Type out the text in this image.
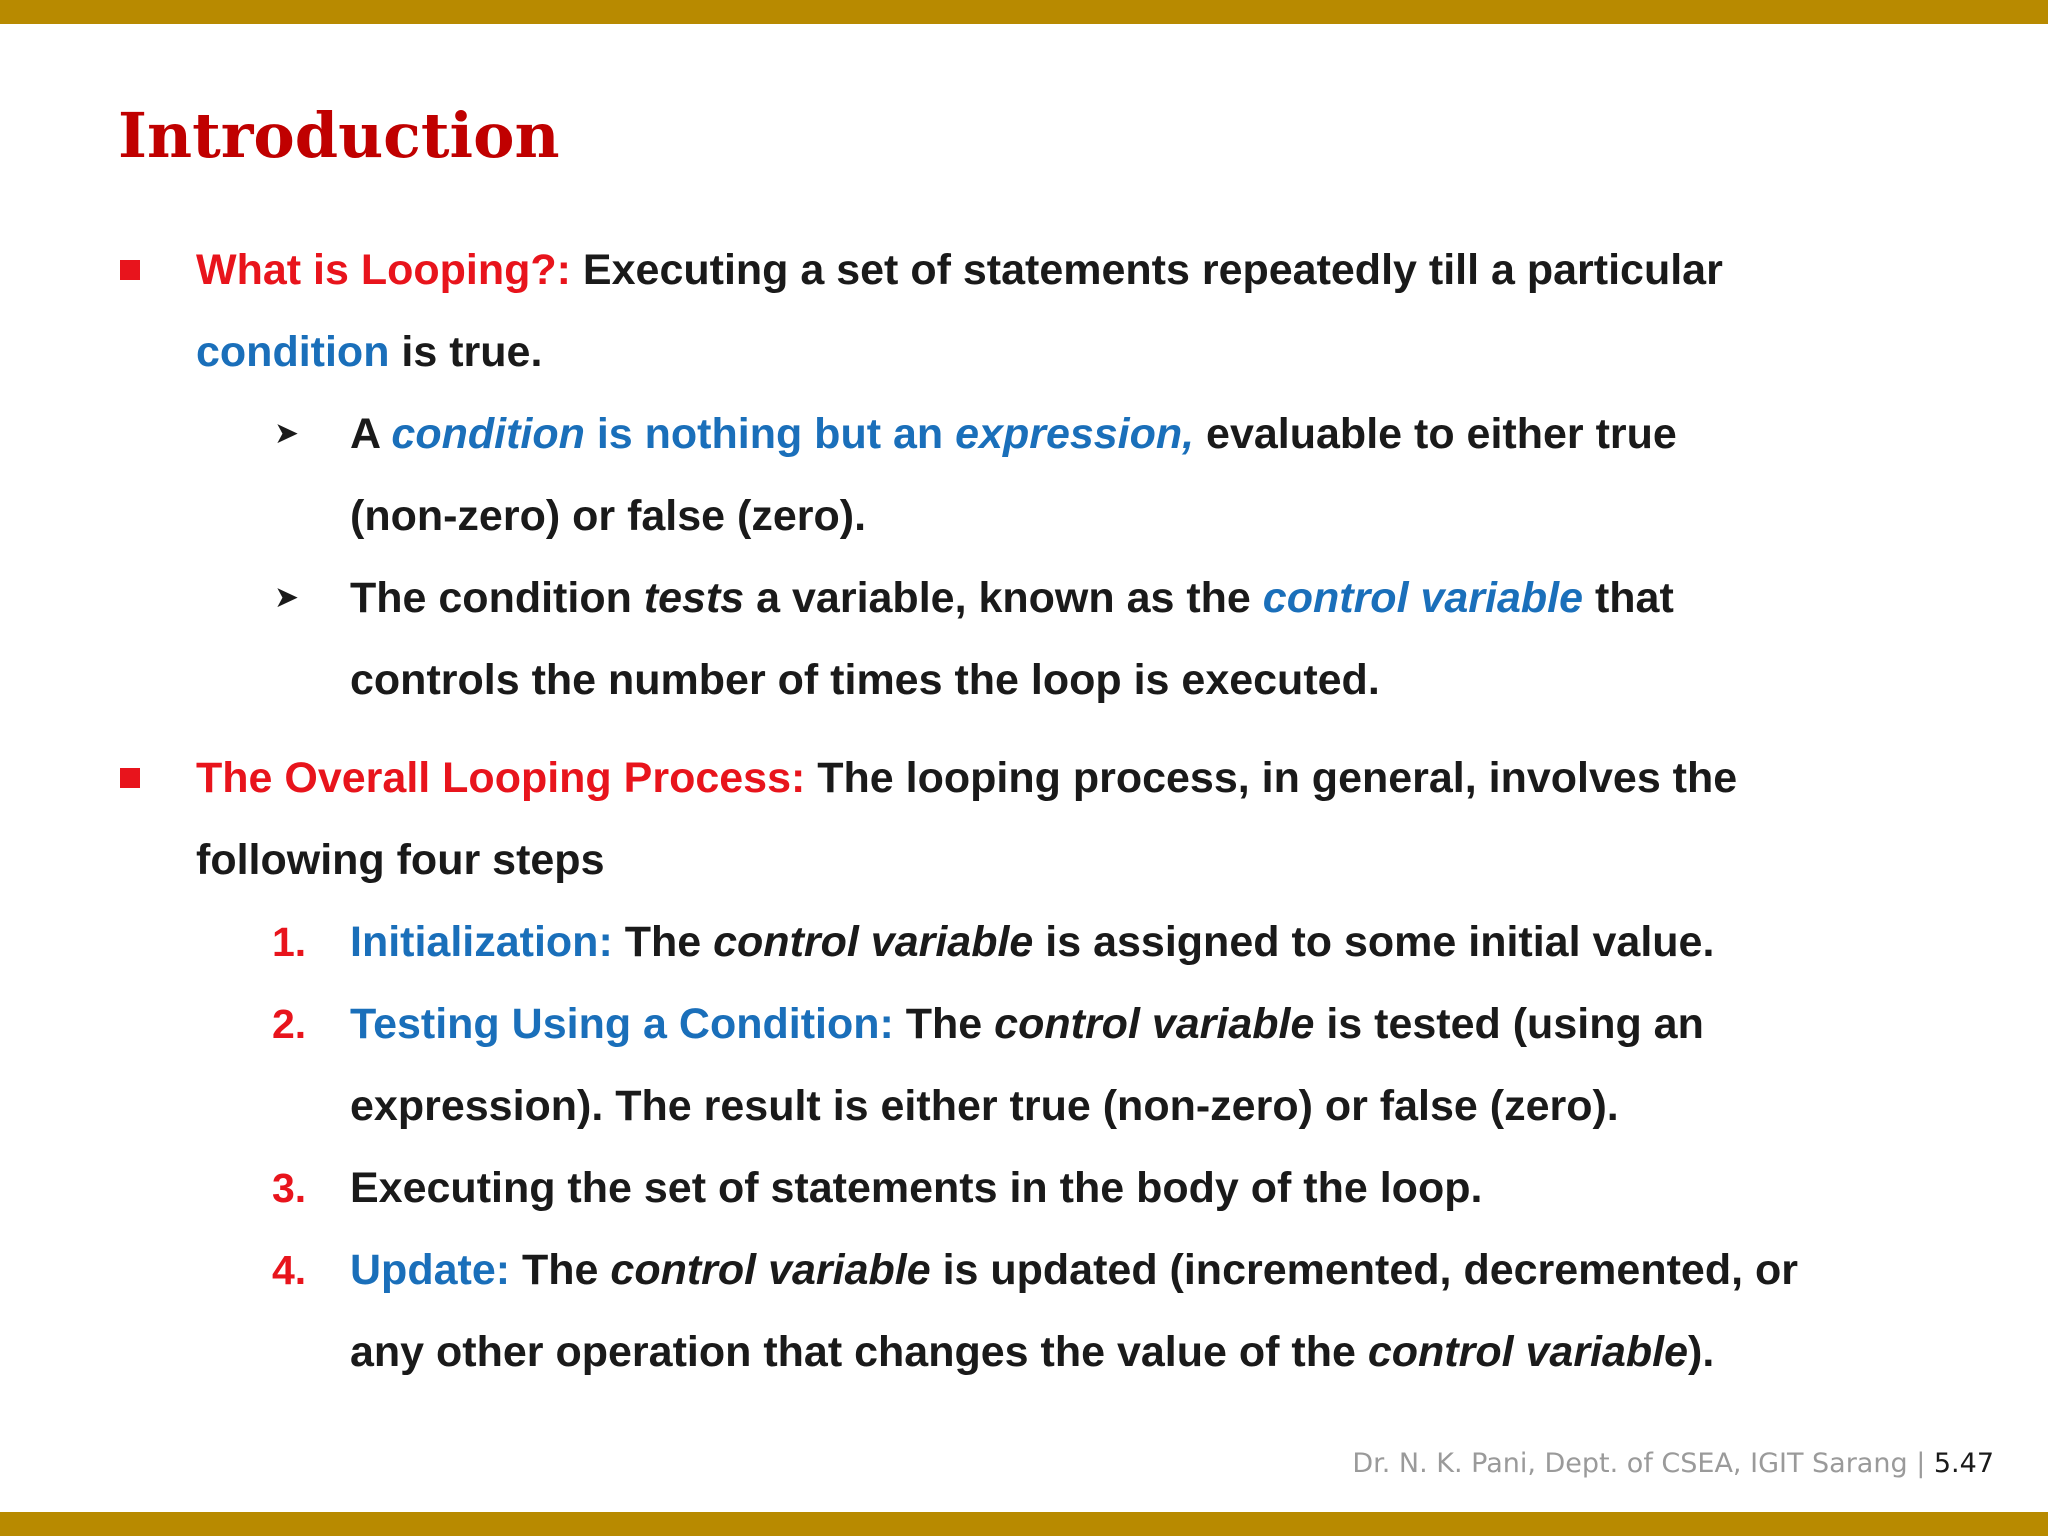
Introduction
What is Looping?: Executing a set of statements repeatedly till a particular
condition is true.
➤ A condition is nothing but an expression, evaluable to either true
(non-zero) or false (zero).
➤ The condition tests a variable, known as the control variable that
controls the number of times the loop is executed.
The Overall Looping Process: The looping process, in general, involves the
following four steps
1. Initialization: The control variable is assigned to some initial value.
2. Testing Using a Condition: The control variable is tested (using an
expression). The result is either true (non-zero) or false (zero).
3. Executing the set of statements in the body of the loop.
4. Update: The control variable is updated (incremented, decremented, or
any other operation that changes the value of the control variable).
Dr. N. K. Pani, Dept. of CSEA, IGIT Sarang | 5.47
